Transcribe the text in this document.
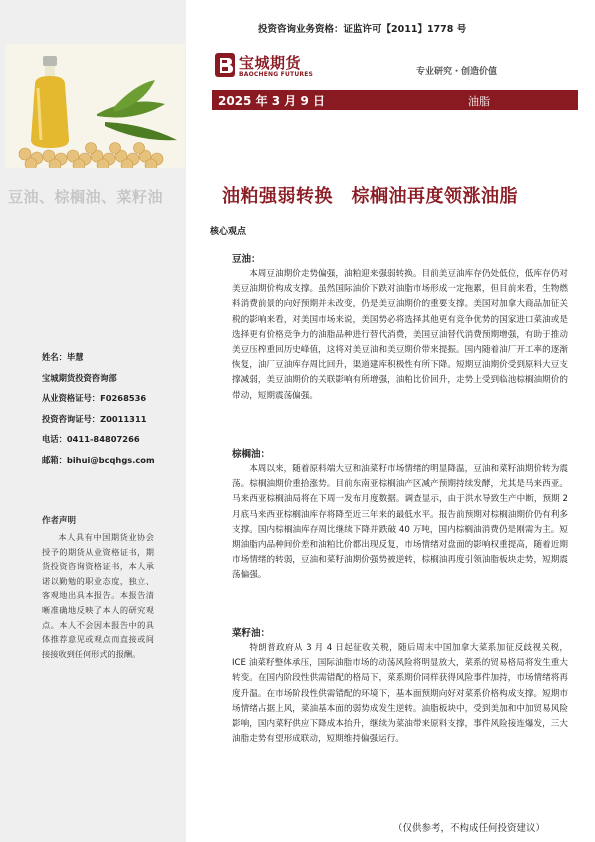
豆油、棕榈油、菜籽油
姓名：毕慧
宝城期货投资咨询部
从业资格证号：F0268536
投资咨询证号：Z0011311
电话：0411-84807266
邮箱：bihui@bcqhgs.com
作者声明
本人具有中国期货业协会授予的期货从业资格证书，期货投资咨询资格证书，本人承诺以勤勉的职业态度，独立、客观地出具本报告。本报告清晰准确地反映了本人的研究观点。本人不会因本报告中的具体推荐意见或观点而直接或间接接收到任何形式的报酬。
投资咨询业务资格：证监许可【2011】1778 号
宝城期货
BAOCHENG FUTURES	专业研究・创造价值
2025 年 3 月 9 日	油脂
油粕强弱转换　棕榈油再度领涨油脂
核心观点
豆油：

本周豆油期价走势偏强，油粕迎来强弱转换。目前美豆油库存仍处低位，低库存仍对美豆油期价构成支撑。虽然国际油价下跌对油脂市场形成一定拖累，但目前来看，生物燃料消费前景的向好预期并未改变，仍是美豆油期价的重要支撑。美国对加拿大商品加征关税的影响来看，对美国市场来说，美国势必将选择其他更有竞争优势的国家进口菜油或是选择更有价格竞争力的油脂品种进行替代消费，美国豆油替代消费预期增强，有助于推动美豆压榨重回历史峰值，这将对美豆油和美豆期价带来提振。国内随着油厂开工率的逐渐恢复，油厂豆油库存周比回升，渠道建库积极性有所下降。短期豆油期价受到原料大豆支撑减弱，美豆油期价的关联影响有所增强，油粕比价回升，走势上受到临池棕榈油期价的带动，短期震荡偏强。

棕榈油：

本周以来，随着原料端大豆和油菜籽市场情绪的明显降温，豆油和菜籽油期价转为震荡。棕榈油期价重拾涨势。目前东南亚棕榈油产区减产预期持续发酵，尤其是马来西亚。马来西亚棕榈油局将在下周一发布月度数据。调查显示，由于洪水导致生产中断，预期 2 月底马来西亚棕榈油库存将降至近三年来的最低水平。报告前预期对棕榈油期价仍有利多支撑。国内棕榈油库存周比继续下降并跌破 40 万吨，国内棕榈油消费仍是刚需为主。短期油脂内品种间价差和油粕比价都出现反复，市场情绪对盘面的影响权重提高，随着近期市场情绪的转弱，豆油和菜籽油期价强势被逆转，棕榈油再度引领油脂板块走势，短期震荡偏强。

菜籽油：

特朗普政府从 3 月 4 日起征收关税，随后周末中国加拿大菜系加征反歧视关税，ICE 油菜籽整体承压，国际油脂市场的动荡风险将明显放大，菜系的贸易格局将发生重大转变。在国内阶段性供需错配的格局下，菜系期价同样获得风险事件加持，市场情绪将再度升温。在市场阶段性供需错配的环境下，基本面预期向好对菜系价格构成支撑。短期市场情绪占据上风，菜油基本面的弱势成发生逆转。油脂板块中，受到美加和中加贸易风险影响，国内菜籽供应下降成本抬升，继续为菜油带来原料支撑，事件风险接连爆发，三大油脂走势有望形成联动，短期维持偏强运行。

（仅供参考，不构成任何投资建议）
